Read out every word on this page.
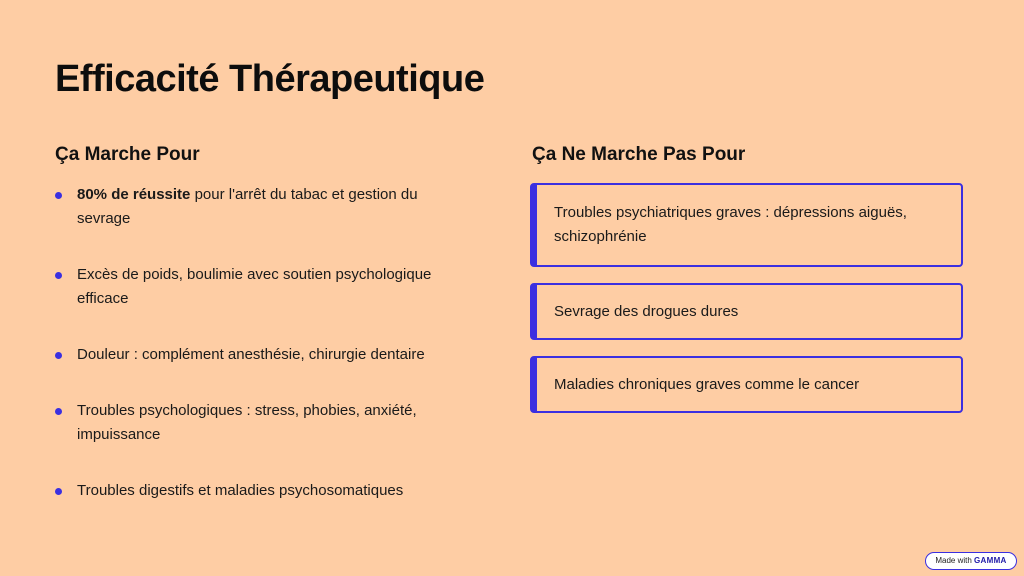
Efficacité Thérapeutique
Ça Marche Pour
80% de réussite pour l'arrêt du tabac et gestion du sevrage
Excès de poids, boulimie avec soutien psychologique efficace
Douleur : complément anesthésie, chirurgie dentaire
Troubles psychologiques : stress, phobies, anxiété, impuissance
Troubles digestifs et maladies psychosomatiques
Ça Ne Marche Pas Pour
Troubles psychiatriques graves : dépressions aiguës, schizophrénie
Sevrage des drogues dures
Maladies chroniques graves comme le cancer
Made with GAMMA
